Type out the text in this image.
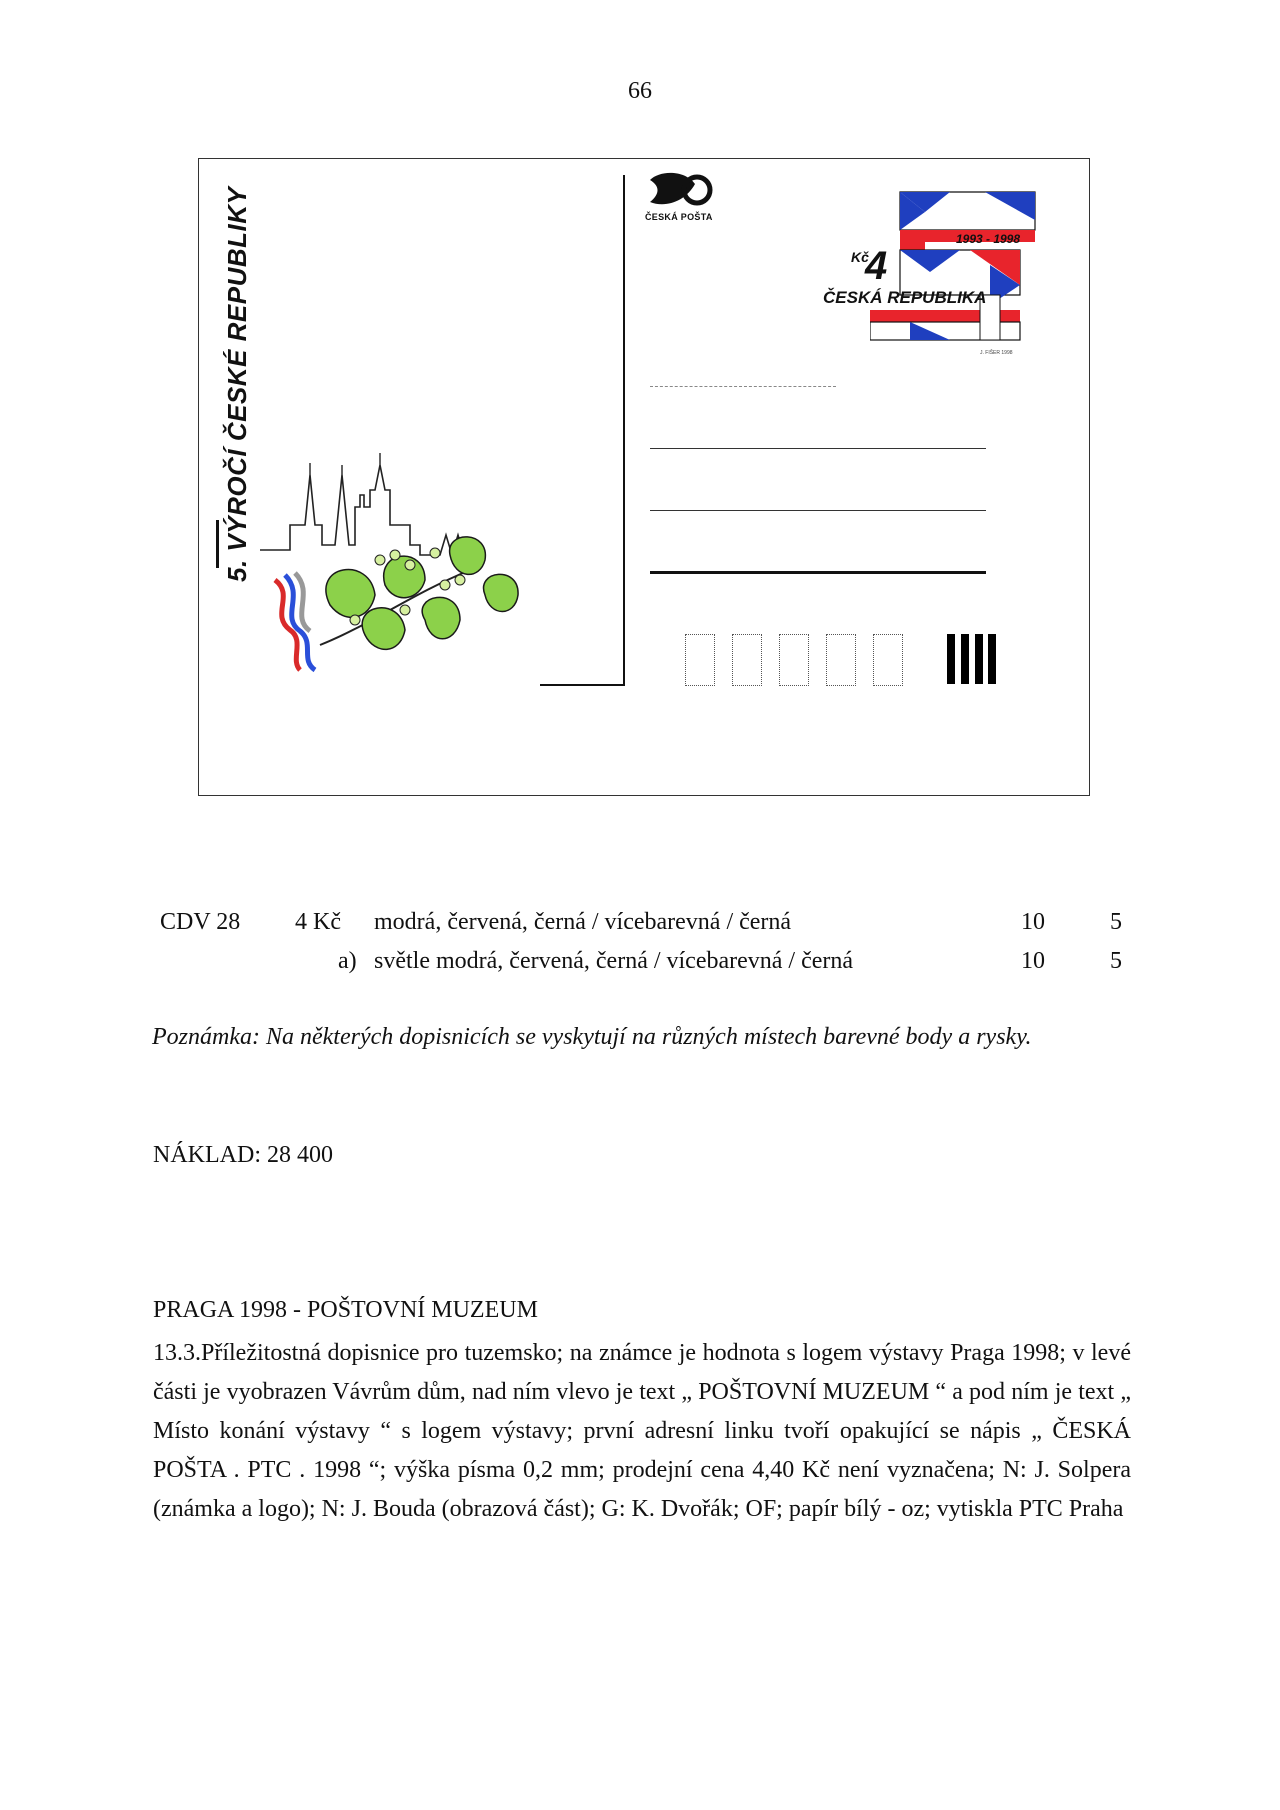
66
5. VÝROČÍ ČESKÉ REPUBLIKY	ČESKÁ POŠTA
1993 - 1998
Kč
4
ČESKÁ REPUBLIKA
J. FIŠER 1998
CDV 28 4 Kč modrá, červená, černá / vícebarevná / černá	10	5
a) světle modrá, červená, černá / vícebarevná / černá	10	5
Poznámka: Na některých dopisnicích se vyskytují na různých místech barevné body a rysky.
NÁKLAD: 28 400
PRAGA 1998 - POŠTOVNÍ MUZEUM
13.3.Příležitostná dopisnice pro tuzemsko; na známce je hodnota s logem výstavy Praga 1998; v levé části je vyobrazen Vávrům dům, nad ním vlevo je text „ POŠTOVNÍ MUZEUM “ a pod ním je text „ Místo konání výstavy “ s logem výstavy; první adresní linku tvoří opakující se nápis „ ČESKÁ POŠTA . PTC . 1998 “; výška písma 0,2 mm; prodejní cena 4,40 Kč není vyznačena; N: J. Solpera (známka a logo); N: J. Bouda (obrazová část); G: K. Dvořák; OF; papír bílý - oz; vytiskla PTC Praha
